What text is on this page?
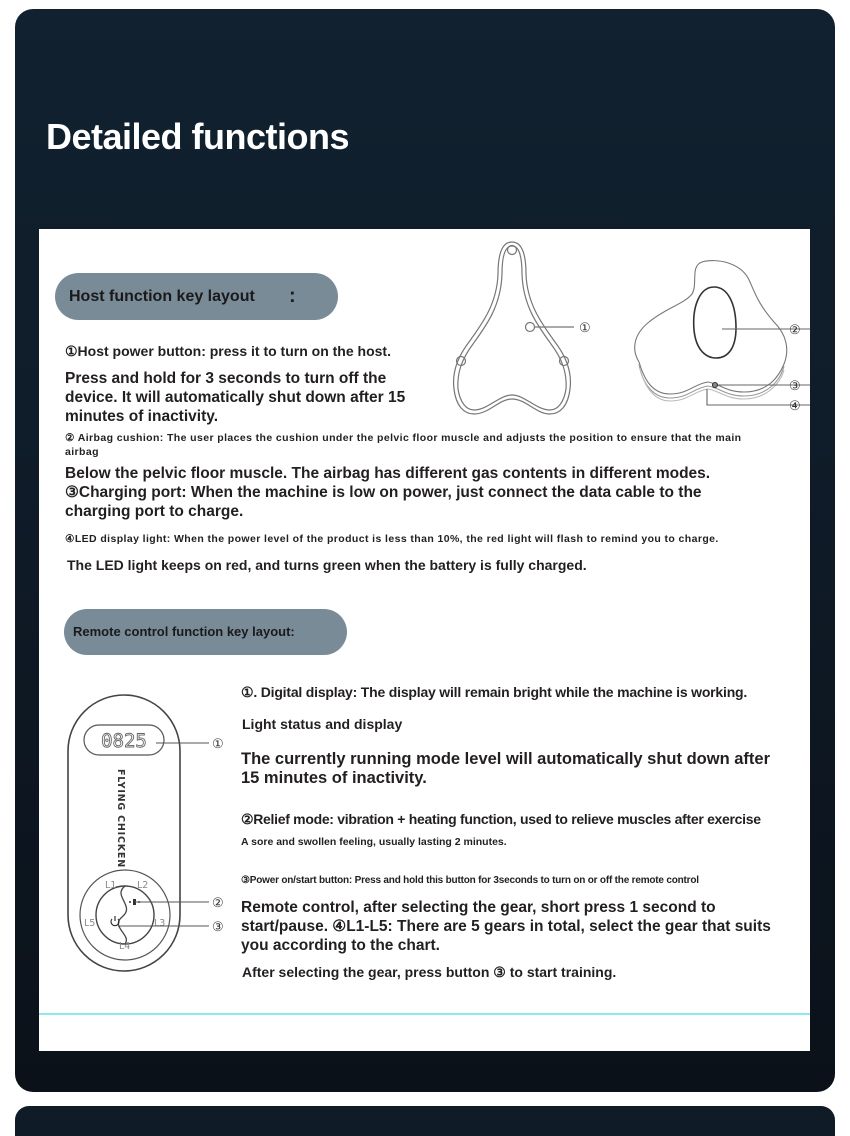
Detailed functions
Host function key layout :

①Host power button: press it to turn on the host.

Press and hold for 3 seconds to turn off the device. It will automatically shut down after 15 minutes of inactivity.

② Airbag cushion: The user places the cushion under the pelvic floor muscle and adjusts the position to ensure that the main airbag

Below the pelvic floor muscle. The airbag has different gas contents in different modes. ③Charging port: When the machine is low on power, just connect the data cable to the charging port to charge.

④LED display light: When the power level of the product is less than 10%, the red light will flash to remind you to charge.

The LED light keeps on red, and turns green when the battery is fully charged.

①	②
③
④
Remote control function key layout:
0825
FLYING CHICKEN
L1 L2
L3
L4
L5
①
②
③

①. Digital display: The display will remain bright while the machine is working.

Light status and display

The currently running mode level will automatically shut down after 15 minutes of inactivity.

②Relief mode: vibration + heating function, used to relieve muscles after exercise

A sore and swollen feeling, usually lasting 2 minutes.

③Power on/start button: Press and hold this button for 3seconds to turn on or off the remote control

Remote control, after selecting the gear, short press 1 second to start/pause. ④L1-L5: There are 5 gears in total, select the gear that suits you according to the chart.

After selecting the gear, press button ③ to start training.
